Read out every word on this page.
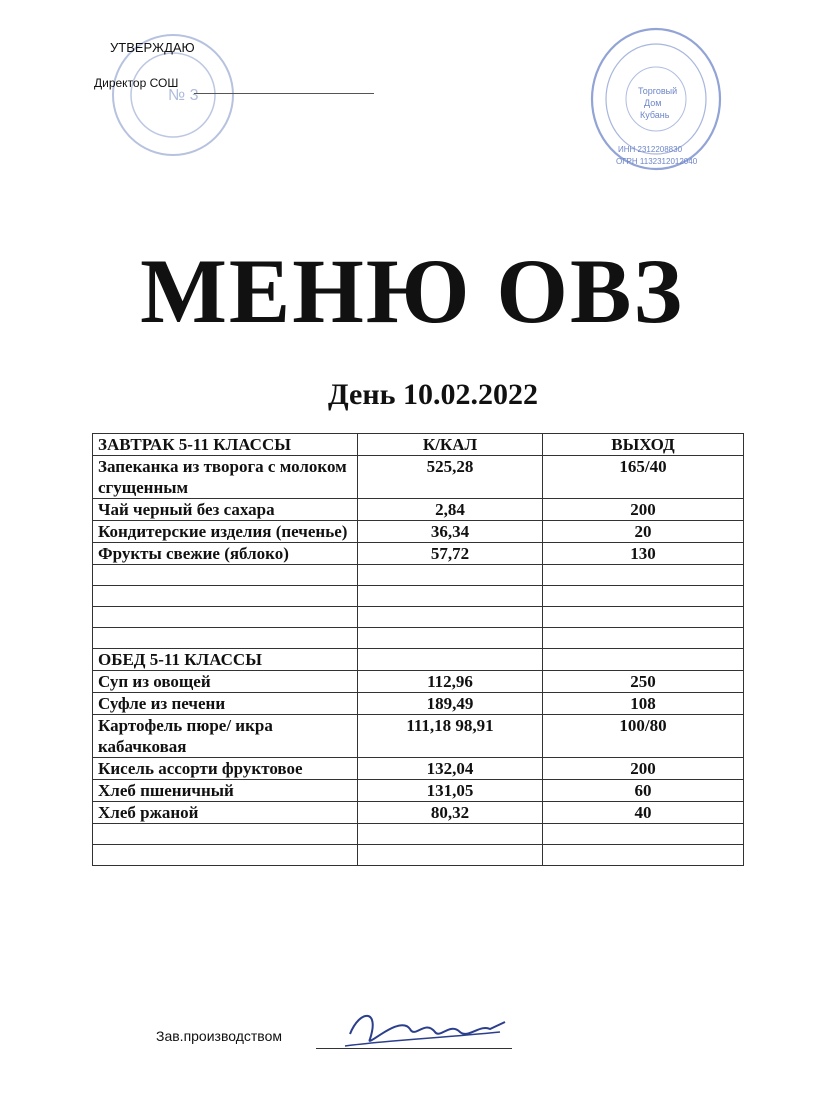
№ 3
УТВЕРЖДАЮ
Директор СОШ
Торговый
Дом
Кубань
ИНН 2312208830
ОГРН 1132312012040
МЕНЮ ОВЗ
День 10.02.2022
ЗАВТРАК 5-11 КЛАССЫ	К/КАЛ	ВЫХОД
Запеканка из творога с молоком сгущенным	525,28	165/40
Чай черный без сахара	2,84	200
Кондитерские изделия (печенье)	36,34	20
Фрукты свежие (яблоко)	57,72	130

ОБЕД 5-11 КЛАССЫ		
Суп из овощей	112,96	250
Суфле из печени	189,49	108
Картофель пюре/ икра кабачковая	111,18 98,91	100/80
Кисель ассорти фруктовое	132,04	200
Хлеб пшеничный	131,05	60
Хлеб ржаной	80,32	40

Зав.производством
